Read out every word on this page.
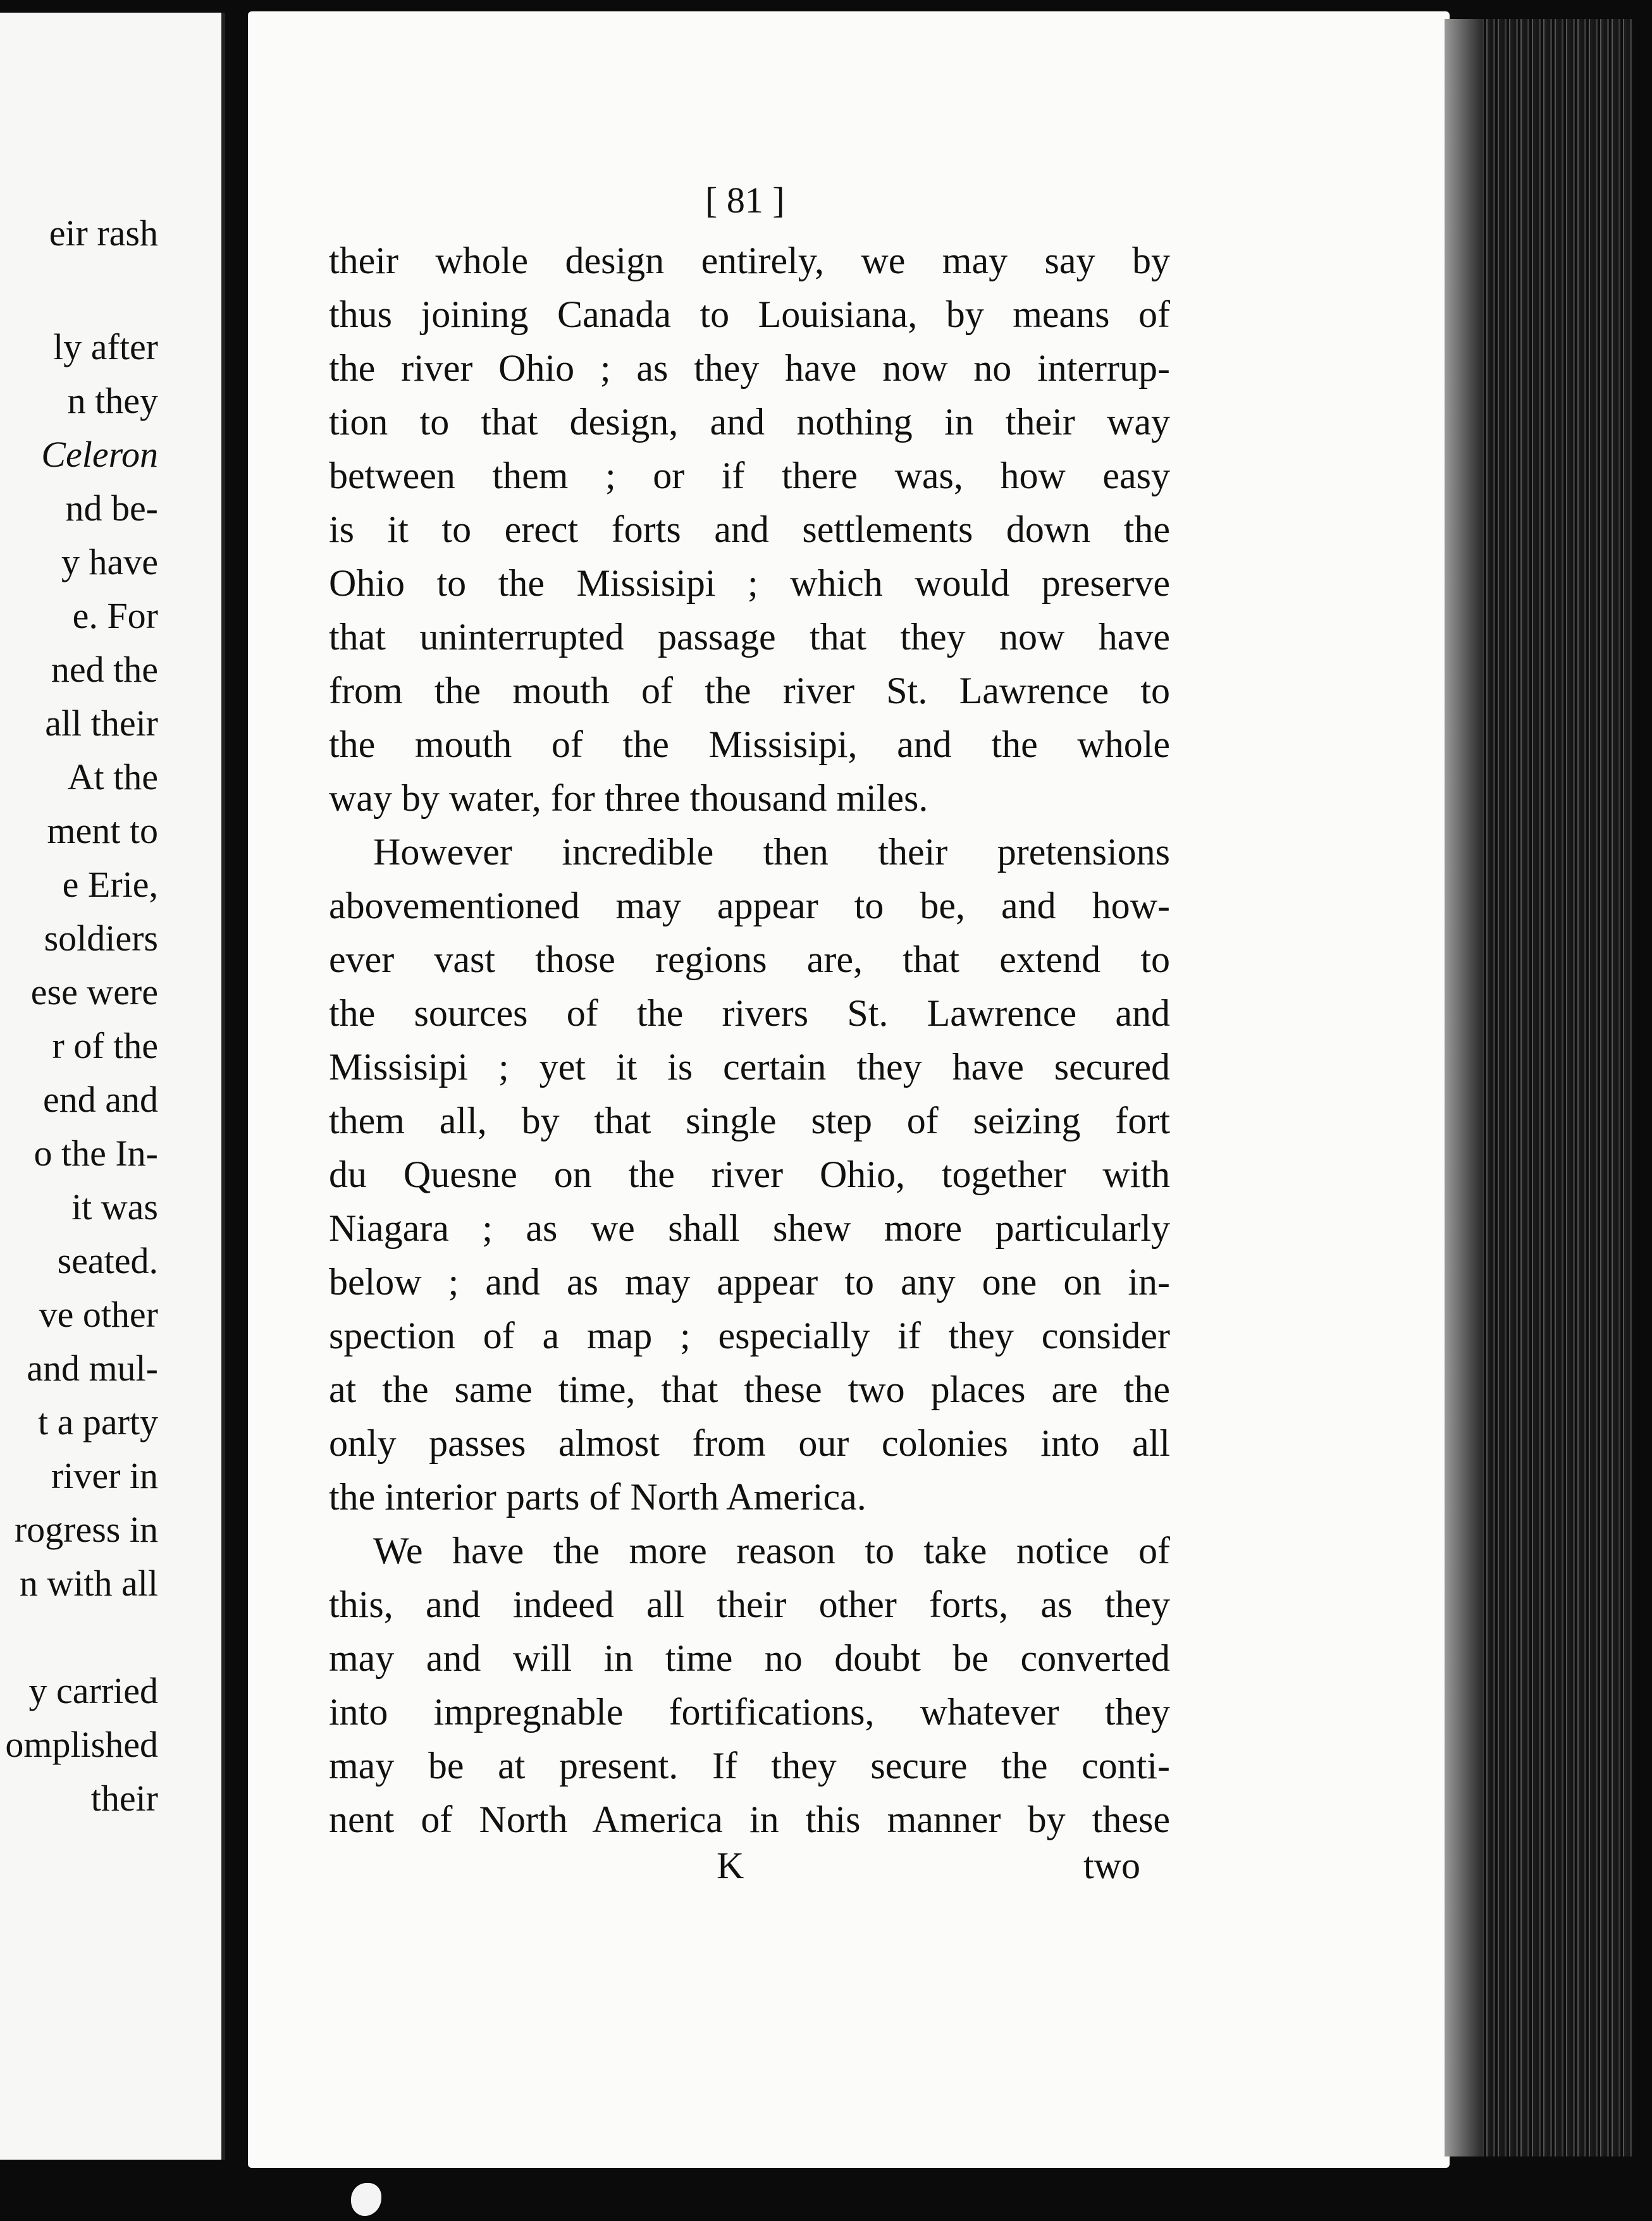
eir rash
ly after
n they
Celeron
nd be-
y have
e. For
ned the
all their
At the
ment to
e Erie,
soldiers
ese were
r of the
end and
o the In-
it was
seated.
ve other
and mul-
t a party
river in
rogress in
n with all
y carried
omplished
their
[ 81 ]
their whole design entirely, we may say by
thus joining Canada to Louisiana, by means of
the river Ohio ; as they have now no interrup-
tion to that design, and nothing in their way
between them ; or if there was, how easy
is it to erect forts and settlements down the
Ohio to the Missisipi ; which would preserve
that uninterrupted passage that they now have
from the mouth of the river St. Lawrence to
the mouth of the Missisipi, and the whole
way by water, for three thousand miles.
However incredible then their pretensions
abovementioned may appear to be, and how-
ever vast those regions are, that extend to
the sources of the rivers St. Lawrence and
Missisipi ; yet it is certain they have secured
them all, by that single step of seizing fort
du Quesne on the river Ohio, together with
Niagara ; as we shall shew more particularly
below ; and as may appear to any one on in-
spection of a map ; especially if they consider
at the same time, that these two places are the
only passes almost from our colonies into all
the interior parts of North America.
We have the more reason to take notice of
this, and indeed all their other forts, as they
may and will in time no doubt be converted
into impregnable fortifications, whatever they
may be at present. If they secure the conti-
nent of North America in this manner by these
K	two
